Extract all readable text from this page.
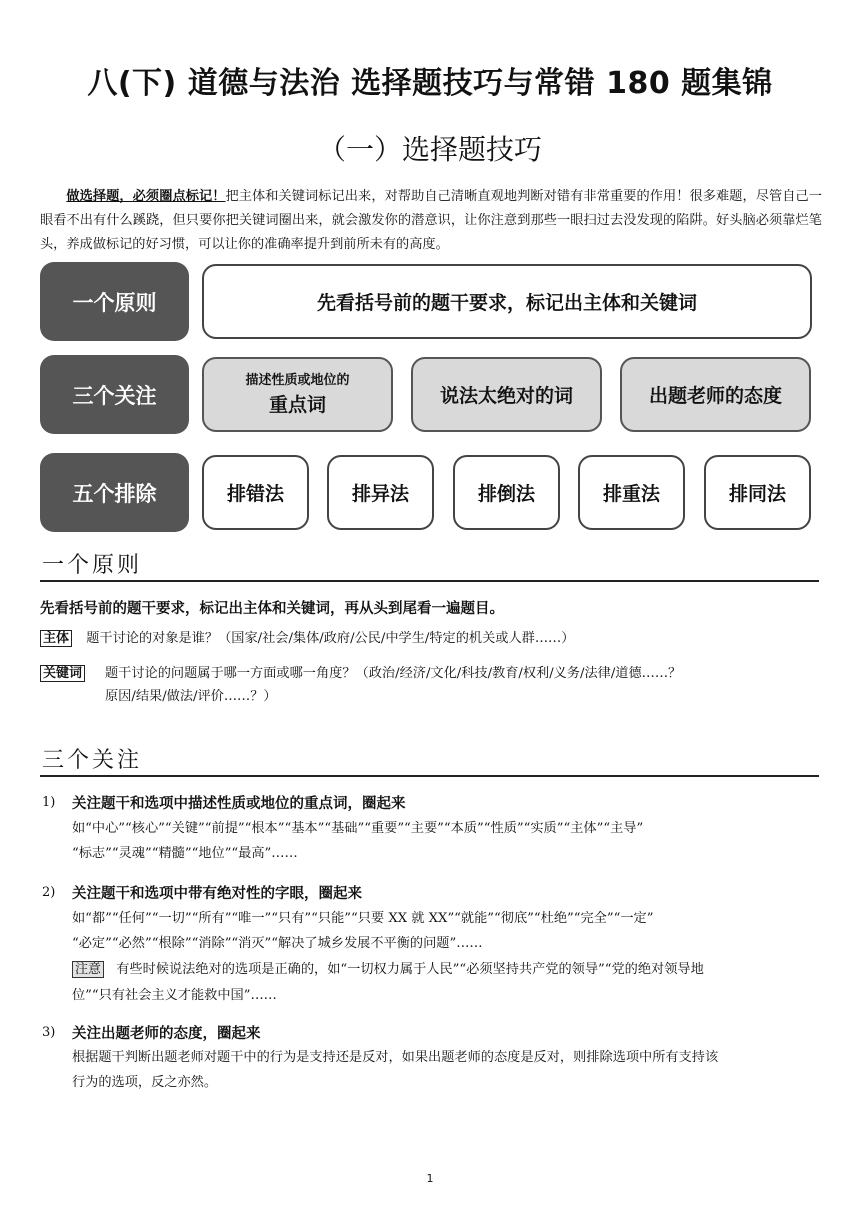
八(下) 道德与法治 选择题技巧与常错 180 题集锦
（一）选择题技巧
做选择题，必须圈点标记！把主体和关键词标记出来，对帮助自己清晰直观地判断对错有非常重要的作用！很多难题，尽管自己一眼看不出有什么蹊跷，但只要你把关键词圈出来，就会激发你的潜意识，让你注意到那些一眼扫过去没发现的陷阱。好头脑必须靠烂笔头，养成做标记的好习惯，可以让你的准确率提升到前所未有的高度。
一个原则	先看括号前的题干要求，标记出主体和关键词
三个关注
描述性质或地位的
重点词	说法太绝对的词	出题老师的态度
五个排除	排错法	排异法	排倒法	排重法	排同法
一个原则
先看括号前的题干要求，标记出主体和关键词，再从头到尾看一遍题目。
主体 题干讨论的对象是谁？（国家/社会/集体/政府/公民/中学生/特定的机关或人群……）
关键词 题干讨论的问题属于哪一方面或哪一角度？（政治/经济/文化/科技/教育/权利/义务/法律/道德……？
原因/结果/做法/评价……？）
三个关注
1) 关注题干和选项中描述性质或地位的重点词，圈起来
如“中心”“核心”“关键”“前提”“根本”“基本”“基础”“重要”“主要”“本质”“性质”“实质”“主体”“主导”
“标志”“灵魂”“精髓”“地位”“最高”……
2) 关注题干和选项中带有绝对性的字眼，圈起来
如“都”“任何”“一切”“所有”“唯一”“只有”“只能”“只要 XX 就 XX”“就能”“彻底”“杜绝”“完全”“一定”
“必定”“必然”“根除”“消除”“消灭”“解决了城乡发展不平衡的问题”……
注意 有些时候说法绝对的选项是正确的，如“一切权力属于人民”“必须坚持共产党的领导”“党的绝对领导地
位”“只有社会主义才能救中国”……
3) 关注出题老师的态度，圈起来
根据题干判断出题老师对题干中的行为是支持还是反对，如果出题老师的态度是反对，则排除选项中所有支持该
行为的选项，反之亦然。
1
